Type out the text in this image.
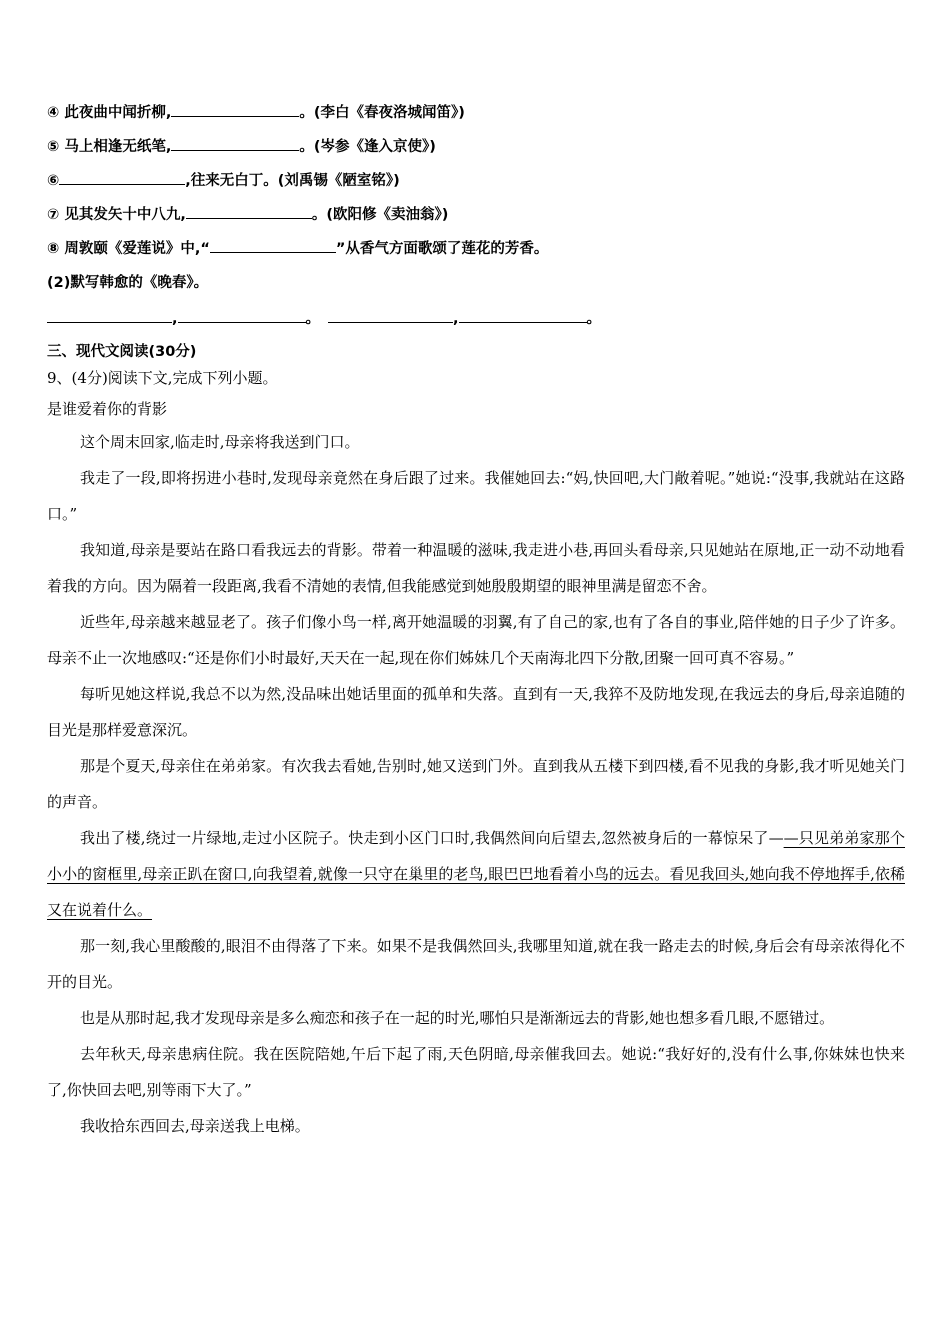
④ 此夜曲中闻折柳,	。(李白《春夜洛城闻笛》)
⑤ 马上相逢无纸笔,	。(岑参《逢入京使》)
⑥	,往来无白丁。(刘禹锡《陋室铭》)
⑦ 见其发矢十中八九,	。(欧阳修《卖油翁》)
⑧ 周敦颐《爱莲说》中,“	”从香气方面歌颂了莲花的芳香。
(2)默写韩愈的《晚春》。
,	。	,	。
三、现代文阅读(30分)
9、(4分)阅读下文,完成下列小题。
是谁爱着你的背影

这个周末回家,临走时,母亲将我送到门口。

我走了一段,即将拐进小巷时,发现母亲竟然在身后跟了过来。我催她回去:“妈,快回吧,大门敞着呢。”她说:“没事,我就站在这路口。”

我知道,母亲是要站在路口看我远去的背影。带着一种温暖的滋味,我走进小巷,再回头看母亲,只见她站在原地,正一动不动地看着我的方向。因为隔着一段距离,我看不清她的表情,但我能感觉到她殷殷期望的眼神里满是留恋不舍。

近些年,母亲越来越显老了。孩子们像小鸟一样,离开她温暖的羽翼,有了自己的家,也有了各自的事业,陪伴她的日子少了许多。母亲不止一次地感叹:“还是你们小时最好,天天在一起,现在你们姊妹几个天南海北四下分散,团聚一回可真不容易。”

每听见她这样说,我总不以为然,没品味出她话里面的孤单和失落。直到有一天,我猝不及防地发现,在我远去的身后,母亲追随的目光是那样爱意深沉。

那是个夏天,母亲住在弟弟家。有次我去看她,告别时,她又送到门外。直到我从五楼下到四楼,看不见我的身影,我才听见她关门的声音。

我出了楼,绕过一片绿地,走过小区院子。快走到小区门口时,我偶然间向后望去,忽然被身后的一幕惊呆了——只见弟弟家那个小小的窗框里,母亲正趴在窗口,向我望着,就像一只守在巢里的老鸟,眼巴巴地看着小鸟的远去。看见我回头,她向我不停地挥手,依稀又在说着什么。

那一刻,我心里酸酸的,眼泪不由得落了下来。如果不是我偶然回头,我哪里知道,就在我一路走去的时候,身后会有母亲浓得化不开的目光。

也是从那时起,我才发现母亲是多么痴恋和孩子在一起的时光,哪怕只是渐渐远去的背影,她也想多看几眼,不愿错过。

去年秋天,母亲患病住院。我在医院陪她,午后下起了雨,天色阴暗,母亲催我回去。她说:“我好好的,没有什么事,你妹妹也快来了,你快回去吧,别等雨下大了。”

我收拾东西回去,母亲送我上电梯。
